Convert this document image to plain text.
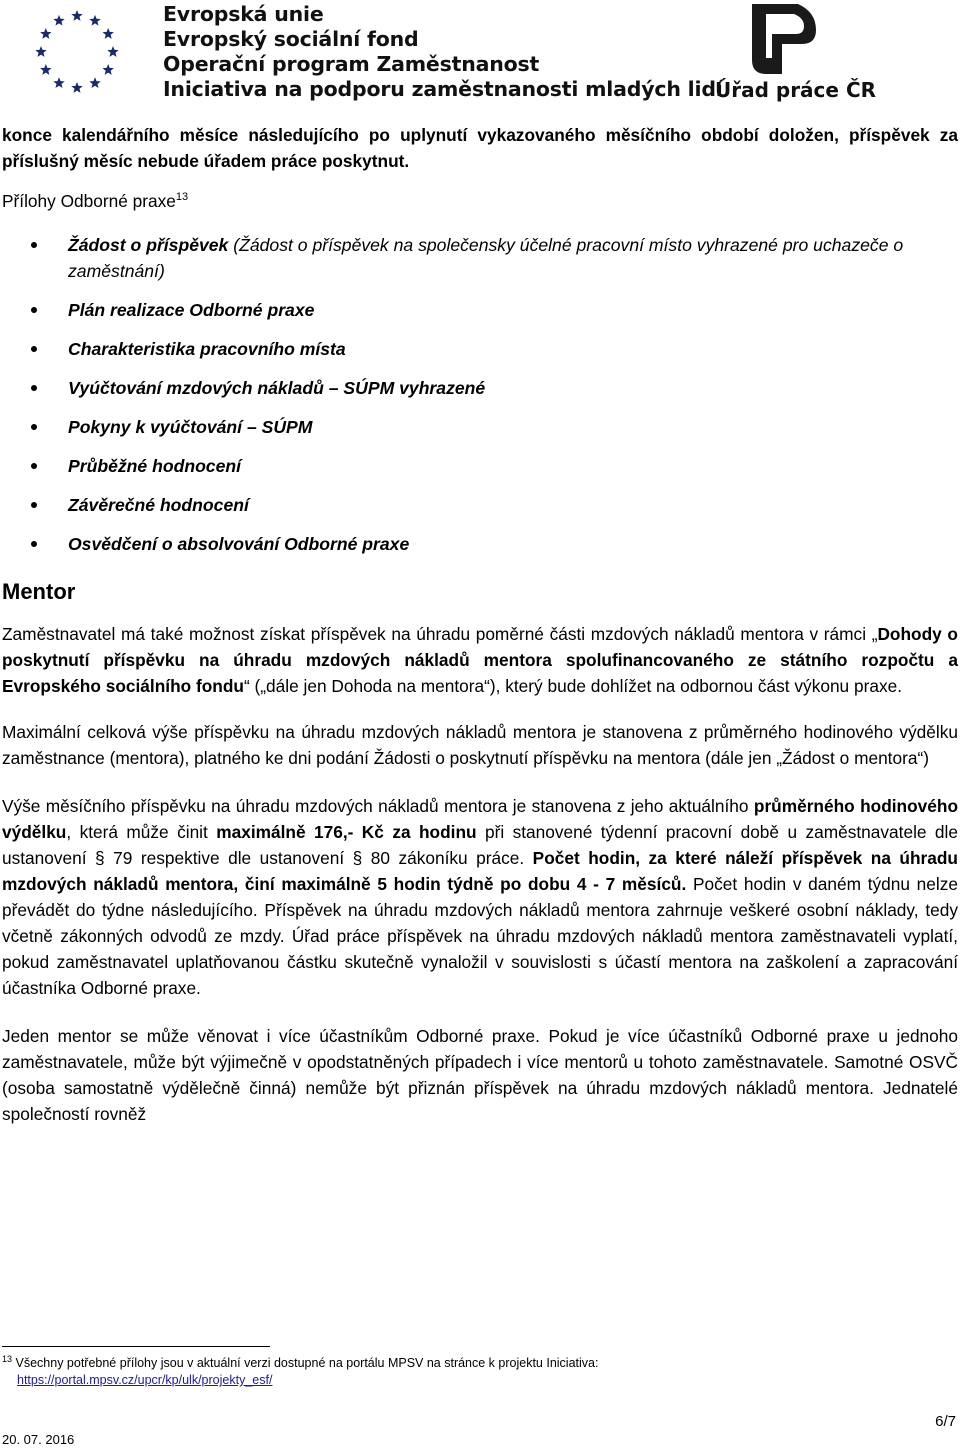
Evropská unie
Evropský sociální fond
Operační program Zaměstnanost
Iniciativa na podporu zaměstnanosti mladých lidí
Úřad práce ČR

konce kalendářního měsíce následujícího po uplynutí vykazovaného měsíčního období doložen, příspěvek za příslušný měsíc nebude úřadem práce poskytnut.

Přílohy Odborné praxe$^{13}$
Žádost o příspěvek (Žádost o příspěvek na společensky účelné pracovní místo vyhrazené pro uchazeče o zaměstnání)
Plán realizace Odborné praxe
Charakteristika pracovního místa
Vyúčtování mzdových nákladů – SÚPM vyhrazené
Pokyny k vyúčtování – SÚPM
Průběžné hodnocení
Závěrečné hodnocení
Osvědčení o absolvování Odborné praxe
Mentor

Zaměstnavatel má také možnost získat příspěvek na úhradu poměrné části mzdových nákladů mentora v rámci „Dohody o poskytnutí příspěvku na úhradu mzdových nákladů mentora spolufinancovaného ze státního rozpočtu a Evropského sociálního fondu“ („dále jen Dohoda na mentora“), který bude dohlížet na odbornou část výkonu praxe.

Maximální celková výše příspěvku na úhradu mzdových nákladů mentora je stanovena z průměrného hodinového výdělku zaměstnance (mentora), platného ke dni podání Žádosti o poskytnutí příspěvku na mentora (dále jen „Žádost o mentora“)

Výše měsíčního příspěvku na úhradu mzdových nákladů mentora je stanovena z jeho aktuálního průměrného hodinového výdělku, která může činit maximálně 176,- Kč za hodinu při stanovené týdenní pracovní době u zaměstnavatele dle ustanovení § 79 respektive dle ustanovení § 80 zákoníku práce. Počet hodin, za které náleží příspěvek na úhradu mzdových nákladů mentora, činí maximálně 5 hodin týdně po dobu 4 - 7 měsíců. Počet hodin v daném týdnu nelze převádět do týdne následujícího. Příspěvek na úhradu mzdových nákladů mentora zahrnuje veškeré osobní náklady, tedy včetně zákonných odvodů ze mzdy. Úřad práce příspěvek na úhradu mzdových nákladů mentora zaměstnavateli vyplatí, pokud zaměstnavatel uplatňovanou částku skutečně vynaložil v souvislosti s účastí mentora na zaškolení a zapracování účastníka Odborné praxe.

Jeden mentor se může věnovat i více účastníkům Odborné praxe. Pokud je více účastníků Odborné praxe u jednoho zaměstnavatele, může být výjimečně v opodstatněných případech i více mentorů u tohoto zaměstnavatele. Samotné OSVČ (osoba samostatně výdělečně činná) nemůže být přiznán příspěvek na úhradu mzdových nákladů mentora. Jednatelé společností rovněž

$^{13}$ Všechny potřebné přílohy jsou v aktuální verzi dostupné na portálu MPSV na stránce k projektu Iniciativa:
https://portal.mpsv.cz/upcr/kp/ulk/projekty_esf/
6/7
20. 07. 2016
